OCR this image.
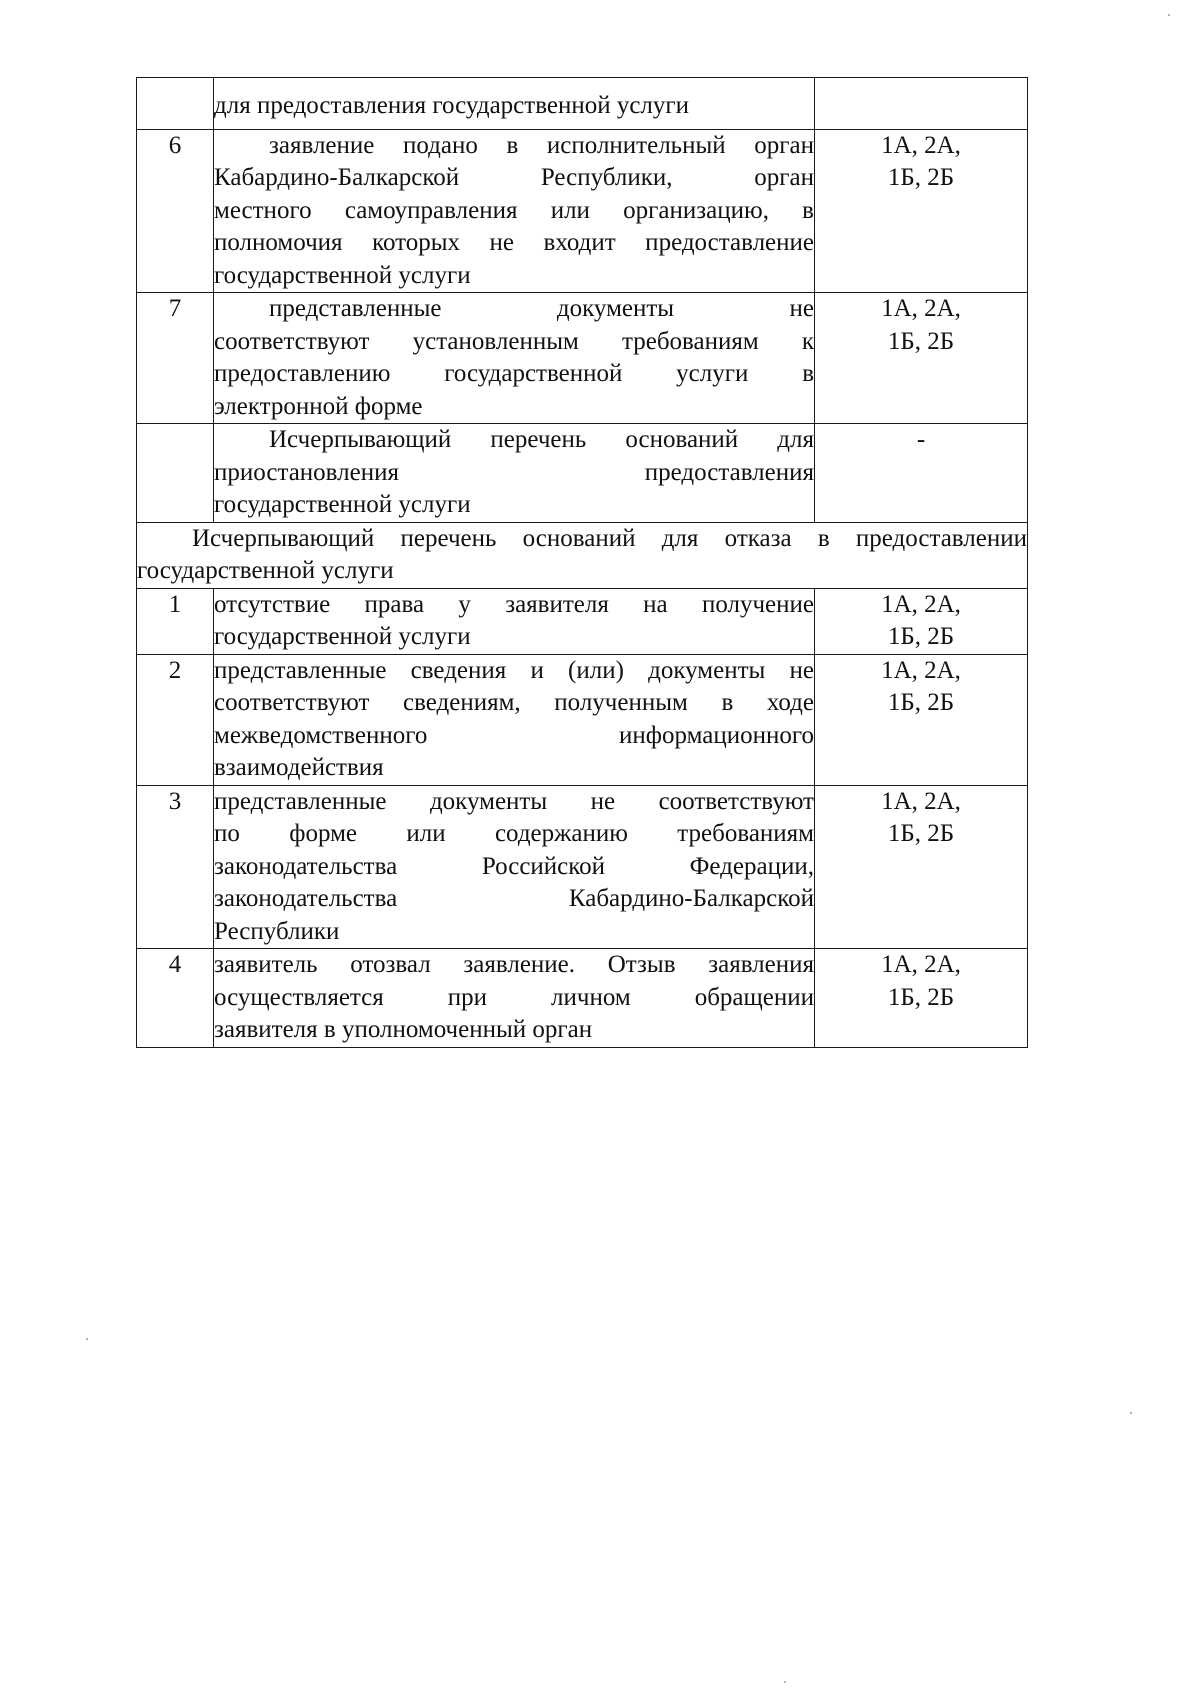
	для предоставления государственной услуги	

6	заявление подано в исполнительный орган
Кабардино-Балкарской Республики, орган
местного самоуправления или организацию, в
полномочия которых не входит предоставление
государственной услуги	1А, 2А,
1Б, 2Б

7	представленные документы не
соответствуют установленным требованиям к
предоставлению государственной услуги в
электронной форме	1А, 2А,
1Б, 2Б

	Исчерпывающий перечень оснований для
приостановления предоставления
государственной услуги	-

Исчерпывающий перечень оснований для отказа в предоставлении
государственной услуги		

1	отсутствие права у заявителя на получение
государственной услуги	1А, 2А,
1Б, 2Б

2	представленные сведения и (или) документы не
соответствуют сведениям, полученным в ходе
межведомственного информационного
взаимодействия	1А, 2А,
1Б, 2Б

3	представленные документы не соответствуют
по форме или содержанию требованиям
законодательства Российской Федерации,
законодательства Кабардино-Балкарской
Республики	1А, 2А,
1Б, 2Б

4	заявитель отозвал заявление. Отзыв заявления
осуществляется при личном обращении
заявителя в уполномоченный орган	1А, 2А,
1Б, 2Б
